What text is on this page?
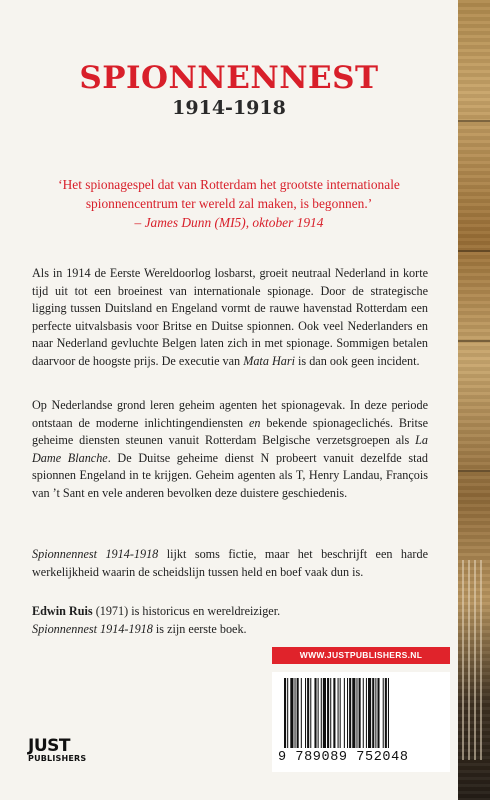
SPIONNENNEST
1914-1918
‘Het spionagespel dat van Rotterdam het grootste internationale
spionnencentrum ter wereld zal maken, is begonnen.’
– James Dunn (MI5), oktober 1914

Als in 1914 de Eerste Wereldoorlog losbarst, groeit neutraal Nederland in korte tijd uit tot een broeinest van internationale spionage. Door de strategische ligging tussen Duitsland en Engeland vormt de rauwe havenstad Rotterdam een perfecte uitvalsbasis voor Britse en Duitse spionnen. Ook veel Nederlanders en naar Nederland gevluchte Belgen laten zich in met spionage. Sommigen betalen daarvoor de hoogste prijs. De executie van Mata Hari is dan ook geen incident.

Op Nederlandse grond leren geheim agenten het spionagevak. In deze periode ontstaan de moderne inlichtingendiensten en bekende spionageclichés. Britse geheime diensten steunen vanuit Rotterdam Belgische verzetsgroepen als La Dame Blanche. De Duitse geheime dienst N probeert vanuit dezelfde stad spionnen Engeland in te krijgen. Geheim agenten als T, Henry Landau, François van ’t Sant en vele anderen bevolken deze duistere geschiedenis.

Spionnennest 1914-1918 lijkt soms fictie, maar het beschrijft een harde werkelijkheid waarin de scheidslijn tussen held en boef vaak dun is.

Edwin Ruis (1971) is historicus en wereldreiziger.
Spionnennest 1914-1918 is zijn eerste boek.

WWW.JUSTPUBLISHERS.NL
9 789089 752048
JUST
PUBLISHERS
